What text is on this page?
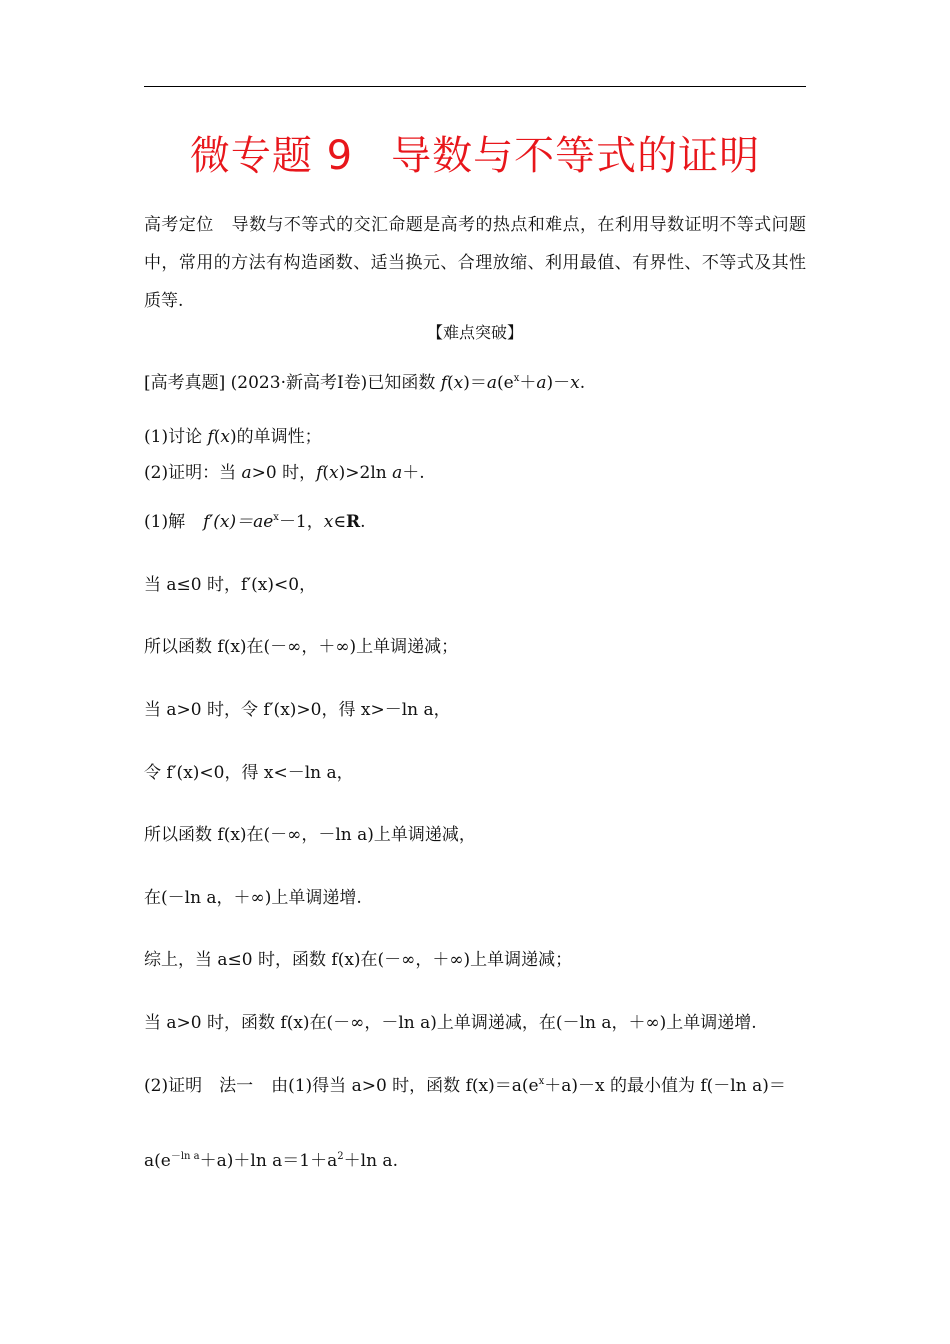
微专题 9 导数与不等式的证明
高考定位 导数与不等式的交汇命题是高考的热点和难点，在利用导数证明不等式问题中，常用的方法有构造函数、适当换元、合理放缩、利用最值、有界性、不等式及其性质等.
【难点突破】
[高考真题] (2023·新高考Ⅰ卷)已知函数 $f(x)=a(e^x+a)-x$.
(1)讨论 f(x)的单调性；
(2)证明：当 a>0 时，f(x)>2ln a＋.
(1)解 $f'(x)=ae^x-1$，x∈R.
当 a≤0 时，f′(x)<0，
所以函数 f(x)在(－∞，＋∞)上单调递减；
当 a>0 时，令 f′(x)>0，得 x>－ln a，
令 f′(x)<0，得 x<－ln a，
所以函数 f(x)在(－∞，－ln a)上单调递减，
在(－ln a，＋∞)上单调递增.
综上，当 a≤0 时，函数 f(x)在(－∞，＋∞)上单调递减；
当 a>0 时，函数 f(x)在(－∞，－ln a)上单调递减，在(－ln a，＋∞)上单调递增.
(2)证明　法一 由(1)得当 a>0 时，函数 $f(x)=a(e^x+a)-x$ 的最小值为 f(－ln a)＝
$a(e^{-ln a}+a)+\ln$ $a=1+a^2+\ln$ a.
